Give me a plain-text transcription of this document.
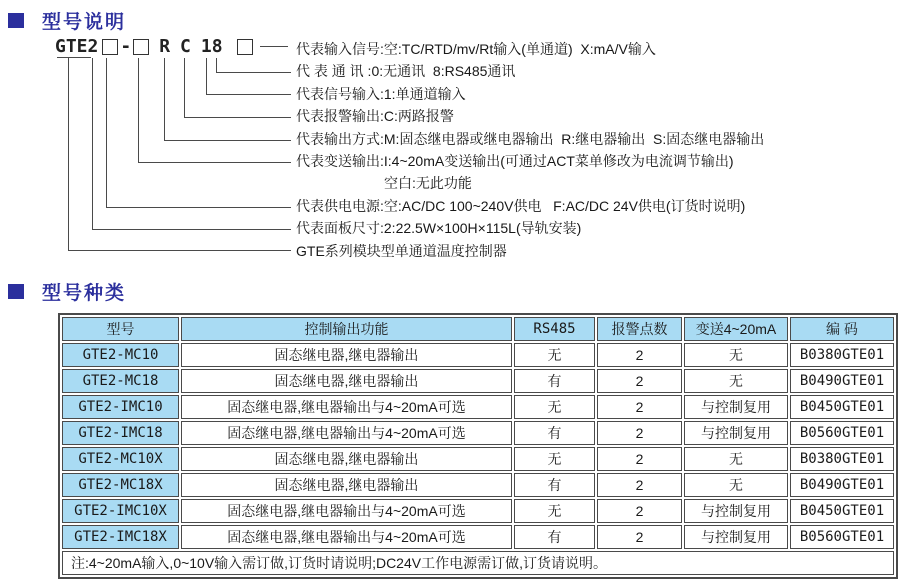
型号说明
GTE2 - R C 18	代表输入信号:空:TC/RTD/mv/Rt输入(单通道)  X:mA/V输入
代 表 通 讯 :0:无通讯  8:RS485通讯
代表信号输入:1:单通道输入
代表报警输出:C:两路报警
代表输出方式:M:固态继电器或继电器输出  R:继电器输出  S:固态继电器输出
代表变送输出:I:4~20mA变送输出(可通过ACT菜单修改为电流调节输出)
空白:无此功能
代表供电电源:空:AC/DC 100~240V供电   F:AC/DC 24V供电(订货时说明)
代表面板尺寸:2:22.5W×100H×115L(导轨安装)
GTE系列模块型单通道温度控制器
型号种类
型号	控制输出功能	RS485	报警点数	变送4~20mA	编 码
GTE2-MC10	固态继电器,继电器输出	无	2	无	B0380GTE01
GTE2-MC18	固态继电器,继电器输出	有	2	无	B0490GTE01
GTE2-IMC10	固态继电器,继电器输出与4~20mA可选	无	2	与控制复用	B0450GTE01
GTE2-IMC18	固态继电器,继电器输出与4~20mA可选	有	2	与控制复用	B0560GTE01
GTE2-MC10X	固态继电器,继电器输出	无	2	无	B0380GTE01
GTE2-MC18X	固态继电器,继电器输出	有	2	无	B0490GTE01
GTE2-IMC10X	固态继电器,继电器输出与4~20mA可选	无	2	与控制复用	B0450GTE01
GTE2-IMC18X	固态继电器,继电器输出与4~20mA可选	有	2	与控制复用	B0560GTE01
注:4~20mA输入,0~10V输入需订做,订货时请说明;DC24V工作电源需订做,订货请说明。					
